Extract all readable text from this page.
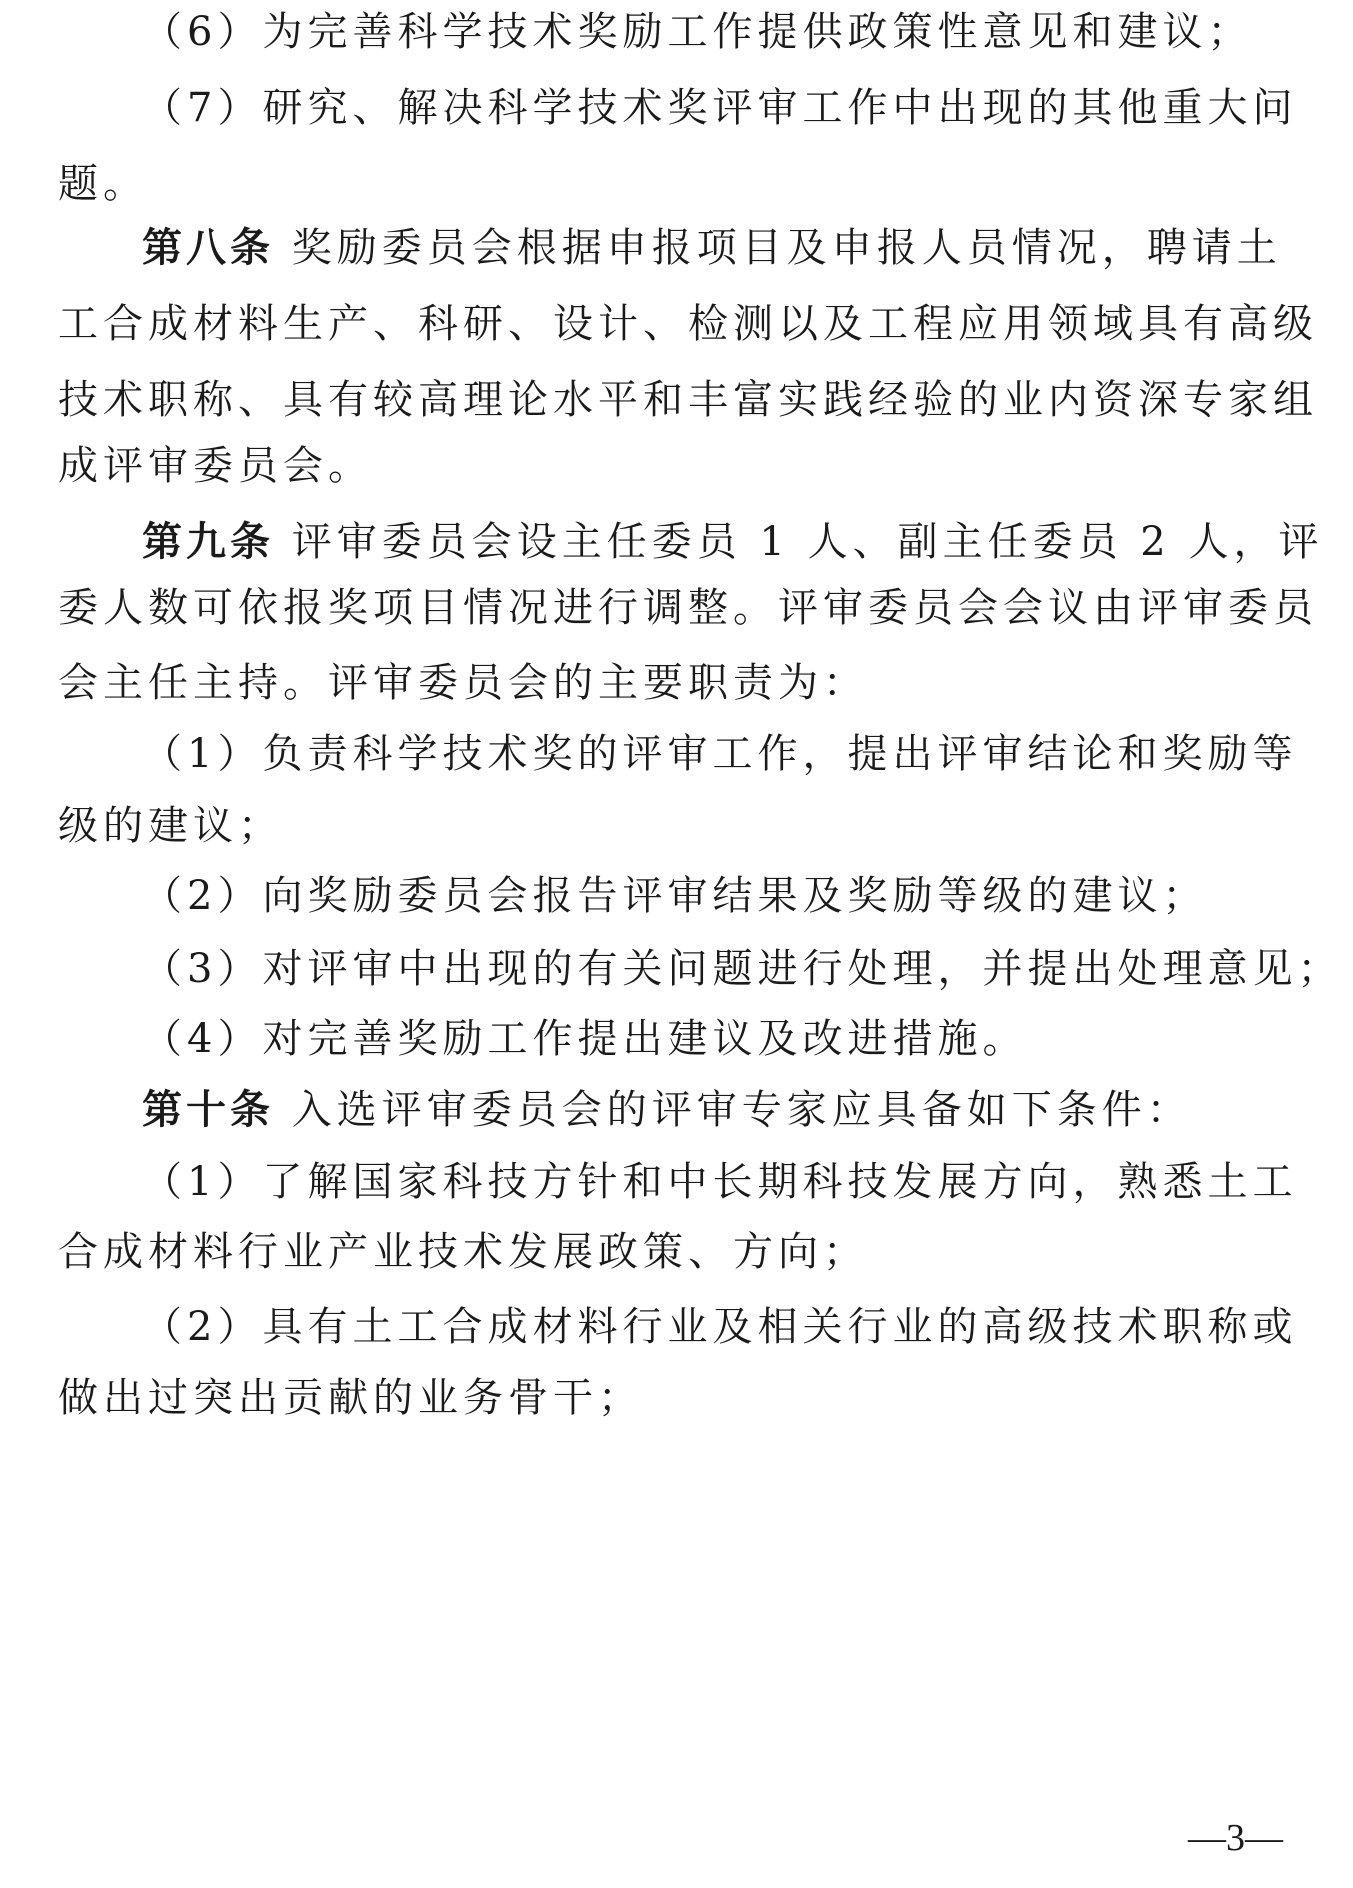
（6）为完善科学技术奖励工作提供政策性意见和建议；
（7）研究、解决科学技术奖评审工作中出现的其他重大问
题。
第八条 奖励委员会根据申报项目及申报人员情况，聘请土
工合成材料生产、科研、设计、检测以及工程应用领域具有高级
技术职称、具有较高理论水平和丰富实践经验的业内资深专家组
成评审委员会。
第九条 评审委员会设主任委员 1 人、副主任委员 2 人，评
委人数可依报奖项目情况进行调整。评审委员会会议由评审委员
会主任主持。评审委员会的主要职责为：
（1）负责科学技术奖的评审工作，提出评审结论和奖励等
级的建议；
（2）向奖励委员会报告评审结果及奖励等级的建议；
（3）对评审中出现的有关问题进行处理，并提出处理意见；
（4）对完善奖励工作提出建议及改进措施。
第十条 入选评审委员会的评审专家应具备如下条件：
（1）了解国家科技方针和中长期科技发展方向，熟悉土工
合成材料行业产业技术发展政策、方向；
（2）具有土工合成材料行业及相关行业的高级技术职称或
做出过突出贡献的业务骨干；
—3—
